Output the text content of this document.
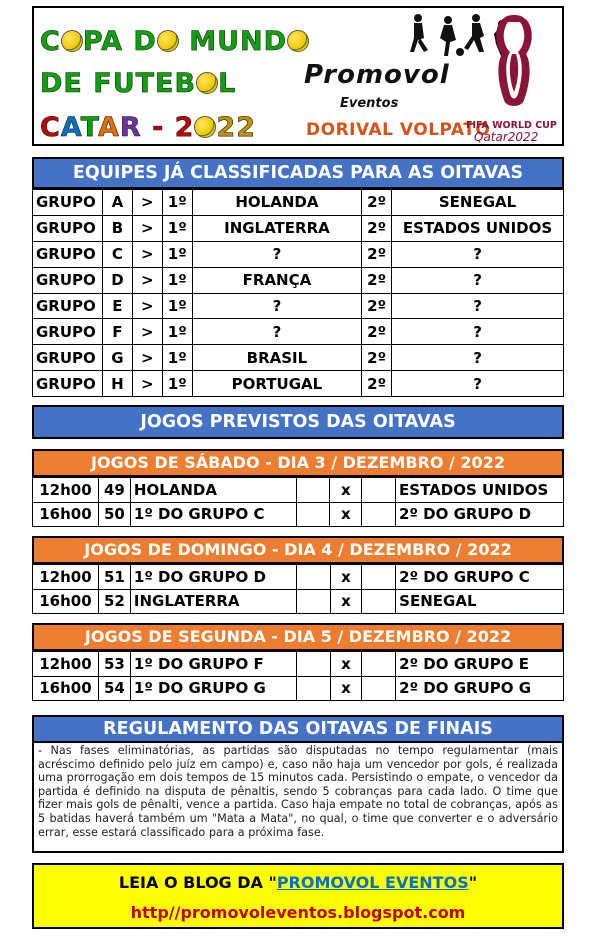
C PA D MUND
DE FUTEB L
CATAR - 2 22
Promovol
Eventos
DORIVAL VOLPATO
FIFA WORLD CUP
Qatar2022
EQUIPES JÁ CLASSIFICADAS PARA AS OITAVAS
GRUPO	A	>	1º	HOLANDA	2º	SENEGAL
GRUPO	B	>	1º	INGLATERRA	2º	ESTADOS UNIDOS
GRUPO	C	>	1º	?	2º	?
GRUPO	D	>	1º	FRANÇA	2º	?
GRUPO	E	>	1º	?	2º	?
GRUPO	F	>	1º	?	2º	?
GRUPO	G	>	1º	BRASIL	2º	?
GRUPO	H	>	1º	PORTUGAL	2º	?
JOGOS PREVISTOS DAS OITAVAS
JOGOS DE SÁBADO - DIA 3 / DEZEMBRO / 2022
12h00	49	HOLANDA		x		ESTADOS UNIDOS
16h00	50	1º DO GRUPO C		x		2º DO GRUPO D
JOGOS DE DOMINGO - DIA 4 / DEZEMBRO / 2022
12h00	51	1º DO GRUPO D		x		2º DO GRUPO C
16h00	52	INGLATERRA		x		SENEGAL
JOGOS DE SEGUNDA - DIA 5 / DEZEMBRO / 2022
12h00	53	1º DO GRUPO F		x		2º DO GRUPO E
16h00	54	1º DO GRUPO G		x		2º DO GRUPO G
REGULAMENTO DAS OITAVAS DE FINAIS
- Nas fases eliminatórias, as partidas são disputadas no tempo regulamentar (mais acréscimo definido pelo juíz em campo) e, caso não haja um vencedor por gols, é realizada uma prorrogação em dois tempos de 15 minutos cada. Persistindo o empate, o vencedor da partida é definido na disputa de pênaltis, sendo 5 cobranças para cada lado. O time que fizer mais gols de pênalti, vence a partida. Caso haja empate no total de cobranças, após as 5 batidas haverá também um "Mata a Mata", no qual, o time que converter e o adversário errar, esse estará classificado para a próxima fase.
LEIA O BLOG DA "PROMOVOL EVENTOS"
http//promovoleventos.blogspot.com
